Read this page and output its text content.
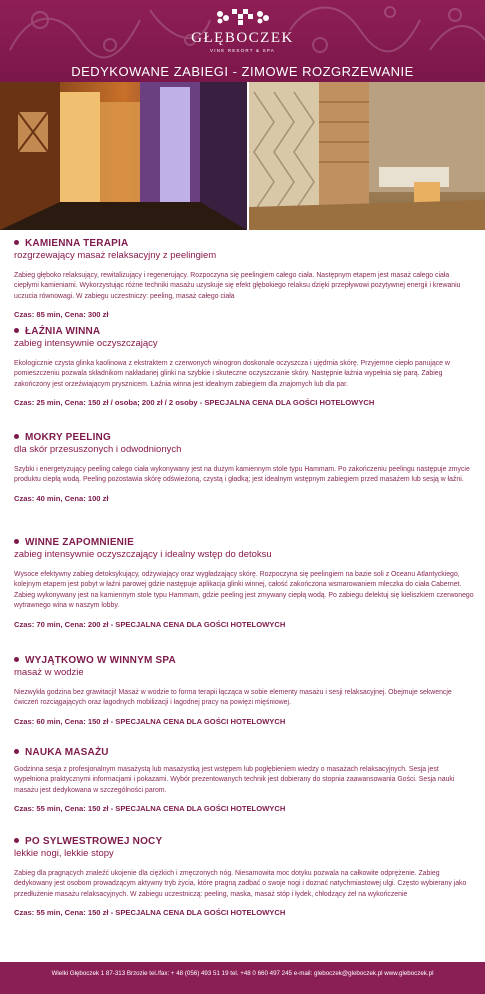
GŁĘBOCZEK
VINE RESORT & SPA
DEDYKOWANE ZABIEGI - ZIMOWE ROZGRZEWANIE
KAMIENNA TERAPIA
rozgrzewający masaż relaksacyjny z peelingiem

Zabieg głęboko relaksujący, rewitalizujący i regenerujący. Rozpoczyna się peelingiem całego ciała. Następnym etapem jest masaż całego ciała ciepłymi kamieniami. Wykorzystując różne techniki masażu uzyskuje się efekt głębokiego relaksu dzięki przepływowi pozytywnej energii i krewaniu uczucia równowagi. W zabiegu uczestniczy: peeling, masaż całego ciała

Czas: 85 min, Cena: 300 zł
ŁAŹNIA WINNA
zabieg intensywnie oczyszczający

Ekologicznie czysta glinka kaolinowa z ekstraktem z czerwonych winogron doskonale oczyszcza i ujędrnia skórę. Przyjemne ciepło panujące w pomieszczeniu pozwala składnikom nakładanej glinki na szybkie i skuteczne oczyszczanie skóry. Następnie łaźnia wypełnia się parą. Zabieg zakończony jest orzeźwiającym prysznicem. Łaźnia winna jest idealnym zabiegiem dla znajomych lub dla par.

Czas: 25 min, Cena: 150 zł / osoba; 200 zł / 2 osoby - SPECJALNA CENA DLA GOŚCI HOTELOWYCH
MOKRY PEELING
dla skór przesuszonych i odwodnionych

Szybki i energetyzujący peeling całego ciała wykonywany jest na dużym kamiennym stole typu Hammam. Po zakończeniu peelingu następuje zmycie produktu ciepłą wodą. Peeling pozostawia skórę odświeżoną, czystą i gładką; jest idealnym wstępnym zabiegiem przed masażem lub sesją w łaźni.

Czas: 40 min, Cena: 100 zł
WINNE ZAPOMNIENIE
zabieg intensywnie oczyszczający i idealny wstęp do detoksu

Wysoce efektywny zabieg detoksykujący, odżywiający oraz wygładzający skórę. Rozpoczyna się peelingiem na bazie soli z Oceanu Atlantyckiego, kolejnym etapem jest pobyt w łaźni parowej gdzie następuje aplikacja glinki winnej, całość zakończona wsmarowaniem mleczka do ciała Cabernet. Zabieg wykonywany jest na kamiennym stole typu Hammam, gdzie peeling jest zmywany ciepłą wodą. Po zabiegu delektuj się kieliszkiem czerwonego wytrawnego wina w naszym lobby.

Czas: 70 min, Cena: 200 zł - SPECJALNA CENA DLA GOŚCI HOTELOWYCH
WYJĄTKOWO W WINNYM SPA
masaż w wodzie

Niezwykła godzina bez grawitacji! Masaż w wodzie to forma terapii łącząca w sobie elementy masażu i sesji relaksacyjnej. Obejmuje sekwencje ćwiczeń rozciągających oraz łagodnych mobilizacji i łagodnej pracy na powięzi mięśniowej.

Czas: 60 min, Cena: 150 zł - SPECJALNA CENA DLA GOŚCI HOTELOWYCH
NAUKA MASAŻU

Godzinna sesja z profesjonalnym masażystą lub masażystką jest wstępem lub pogłębieniem wiedzy o masażach relaksacyjnych. Sesja jest wypełniona praktycznymi informacjami i pokazami. Wybór prezentowanych technik jest dobierany do stopnia zaawansowania Gości. Sesja nauki masażu jest dedykowana w szczególności parom.

Czas: 55 min, Cena: 150 zł - SPECJALNA CENA DLA GOŚCI HOTELOWYCH
PO SYLWESTROWEJ NOCY
lekkie nogi, lekkie stopy

Zabieg dla pragnących znaleźć ukojenie dla ciężkich i zmęczonych nóg. Niesamowita moc dotyku pozwala na całkowite odprężenie. Zabieg dedykowany jest osobom prowadzącym aktywny tryb życia, które pragną zadbać o swoje nogi i doznać natychmiastowej ulgi. Często wybierany jako przedłużenie masażu relaksacyjnych. W zabiegu uczestniczą: peeling, maska, masaż stóp i łydek, chłodzący żel na wykończenie

Czas: 55 min, Cena: 150 zł - SPECJALNA CENA DLA GOŚCI HOTELOWYCH
Wielki Głęboczek 1 87-313 Brzozie tel./fax: + 48 (056) 493 51 19 tel. +48 0 660 497 245 e-mail: gleboczek@gleboczek.pl www.gleboczek.pl
